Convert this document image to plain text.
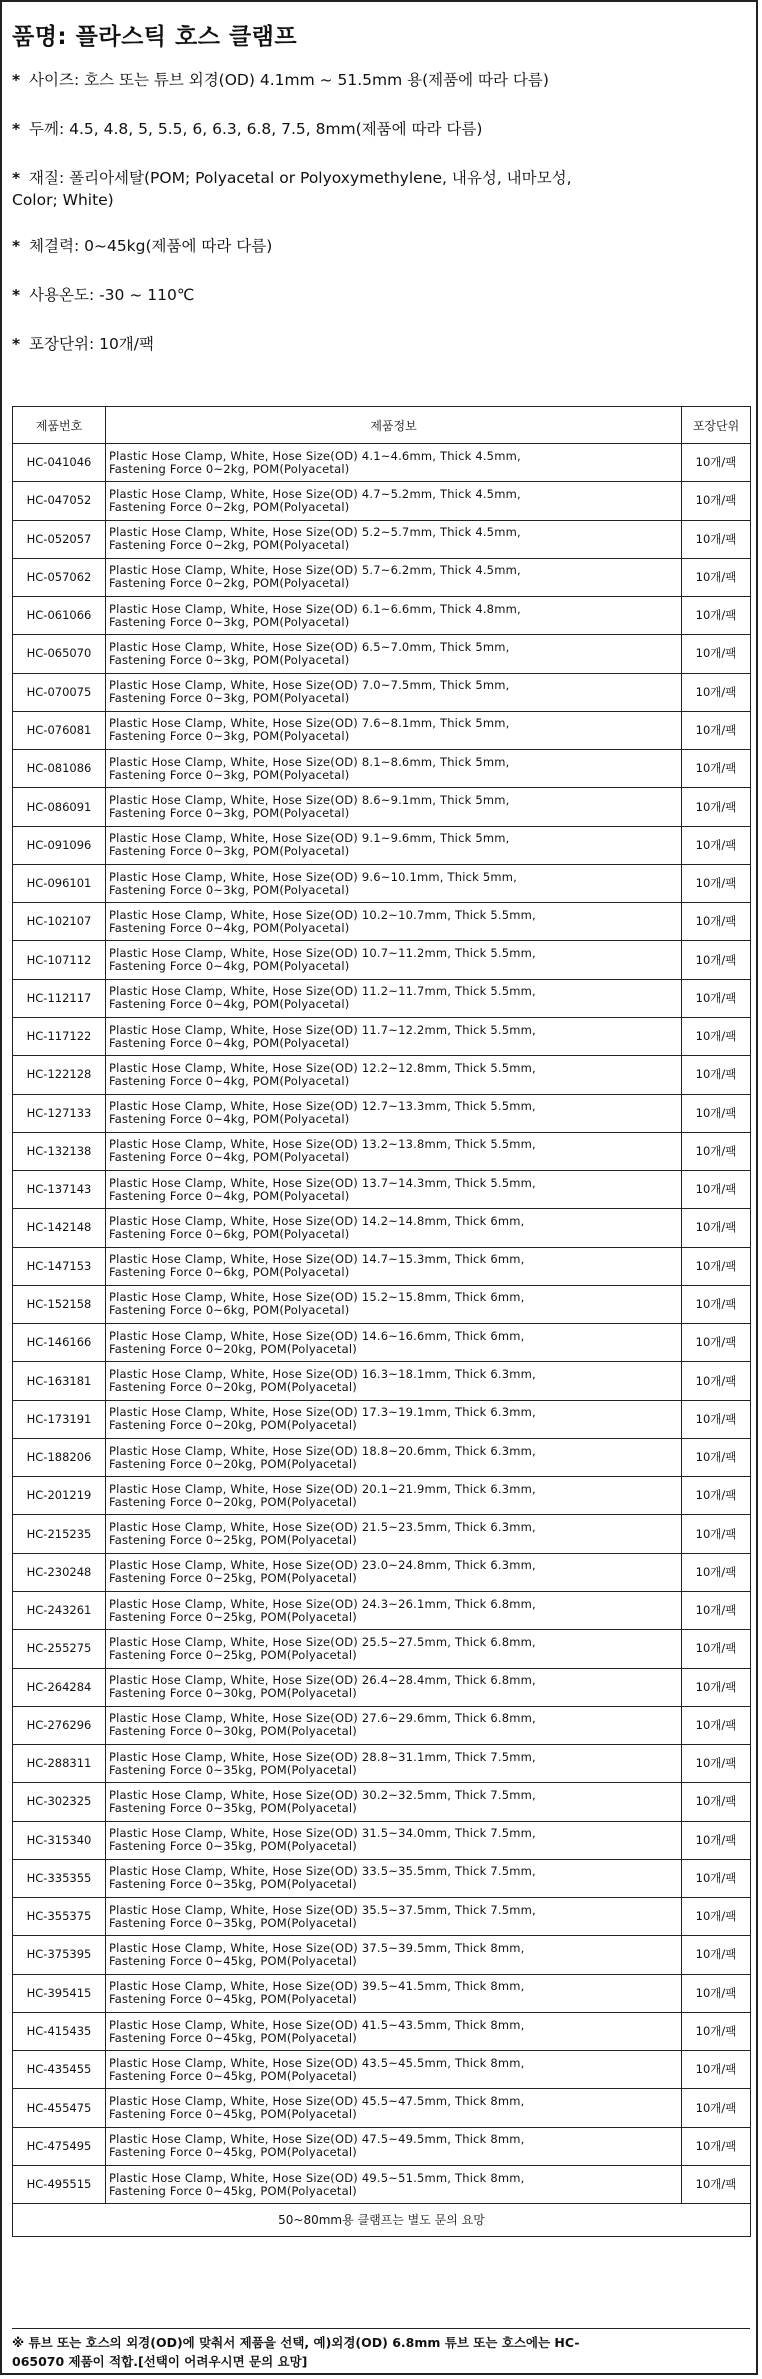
품명: 플라스틱 호스 클램프
* 사이즈: 호스 또는 튜브 외경(OD) 4.1mm ~ 51.5mm 용(제품에 따라 다름)
* 두께: 4.5, 4.8, 5, 5.5, 6, 6.3, 6.8, 7.5, 8mm(제품에 따라 다름)
* 재질: 폴리아세탈(POM; Polyacetal or Polyoxymethylene, 내유성, 내마모성,
Color; White)
* 체결력: 0~45kg(제품에 따라 다름)
* 사용온도: -30 ~ 110℃
* 포장단위: 10개/팩
제품번호	제품정보	포장단위
HC-041046	Plastic Hose Clamp, White, Hose Size(OD) 4.1~4.6mm, Thick 4.5mm,
Fastening Force 0~2kg, POM(Polyacetal)	10개/팩
HC-047052	Plastic Hose Clamp, White, Hose Size(OD) 4.7~5.2mm, Thick 4.5mm,
Fastening Force 0~2kg, POM(Polyacetal)	10개/팩
HC-052057	Plastic Hose Clamp, White, Hose Size(OD) 5.2~5.7mm, Thick 4.5mm,
Fastening Force 0~2kg, POM(Polyacetal)	10개/팩
HC-057062	Plastic Hose Clamp, White, Hose Size(OD) 5.7~6.2mm, Thick 4.5mm,
Fastening Force 0~2kg, POM(Polyacetal)	10개/팩
HC-061066	Plastic Hose Clamp, White, Hose Size(OD) 6.1~6.6mm, Thick 4.8mm,
Fastening Force 0~3kg, POM(Polyacetal)	10개/팩
HC-065070	Plastic Hose Clamp, White, Hose Size(OD) 6.5~7.0mm, Thick 5mm,
Fastening Force 0~3kg, POM(Polyacetal)	10개/팩
HC-070075	Plastic Hose Clamp, White, Hose Size(OD) 7.0~7.5mm, Thick 5mm,
Fastening Force 0~3kg, POM(Polyacetal)	10개/팩
HC-076081	Plastic Hose Clamp, White, Hose Size(OD) 7.6~8.1mm, Thick 5mm,
Fastening Force 0~3kg, POM(Polyacetal)	10개/팩
HC-081086	Plastic Hose Clamp, White, Hose Size(OD) 8.1~8.6mm, Thick 5mm,
Fastening Force 0~3kg, POM(Polyacetal)	10개/팩
HC-086091	Plastic Hose Clamp, White, Hose Size(OD) 8.6~9.1mm, Thick 5mm,
Fastening Force 0~3kg, POM(Polyacetal)	10개/팩
HC-091096	Plastic Hose Clamp, White, Hose Size(OD) 9.1~9.6mm, Thick 5mm,
Fastening Force 0~3kg, POM(Polyacetal)	10개/팩
HC-096101	Plastic Hose Clamp, White, Hose Size(OD) 9.6~10.1mm, Thick 5mm,
Fastening Force 0~3kg, POM(Polyacetal)	10개/팩
HC-102107	Plastic Hose Clamp, White, Hose Size(OD) 10.2~10.7mm, Thick 5.5mm,
Fastening Force 0~4kg, POM(Polyacetal)	10개/팩
HC-107112	Plastic Hose Clamp, White, Hose Size(OD) 10.7~11.2mm, Thick 5.5mm,
Fastening Force 0~4kg, POM(Polyacetal)	10개/팩
HC-112117	Plastic Hose Clamp, White, Hose Size(OD) 11.2~11.7mm, Thick 5.5mm,
Fastening Force 0~4kg, POM(Polyacetal)	10개/팩
HC-117122	Plastic Hose Clamp, White, Hose Size(OD) 11.7~12.2mm, Thick 5.5mm,
Fastening Force 0~4kg, POM(Polyacetal)	10개/팩
HC-122128	Plastic Hose Clamp, White, Hose Size(OD) 12.2~12.8mm, Thick 5.5mm,
Fastening Force 0~4kg, POM(Polyacetal)	10개/팩
HC-127133	Plastic Hose Clamp, White, Hose Size(OD) 12.7~13.3mm, Thick 5.5mm,
Fastening Force 0~4kg, POM(Polyacetal)	10개/팩
HC-132138	Plastic Hose Clamp, White, Hose Size(OD) 13.2~13.8mm, Thick 5.5mm,
Fastening Force 0~4kg, POM(Polyacetal)	10개/팩
HC-137143	Plastic Hose Clamp, White, Hose Size(OD) 13.7~14.3mm, Thick 5.5mm,
Fastening Force 0~4kg, POM(Polyacetal)	10개/팩
HC-142148	Plastic Hose Clamp, White, Hose Size(OD) 14.2~14.8mm, Thick 6mm,
Fastening Force 0~6kg, POM(Polyacetal)	10개/팩
HC-147153	Plastic Hose Clamp, White, Hose Size(OD) 14.7~15.3mm, Thick 6mm,
Fastening Force 0~6kg, POM(Polyacetal)	10개/팩
HC-152158	Plastic Hose Clamp, White, Hose Size(OD) 15.2~15.8mm, Thick 6mm,
Fastening Force 0~6kg, POM(Polyacetal)	10개/팩
HC-146166	Plastic Hose Clamp, White, Hose Size(OD) 14.6~16.6mm, Thick 6mm,
Fastening Force 0~20kg, POM(Polyacetal)	10개/팩
HC-163181	Plastic Hose Clamp, White, Hose Size(OD) 16.3~18.1mm, Thick 6.3mm,
Fastening Force 0~20kg, POM(Polyacetal)	10개/팩
HC-173191	Plastic Hose Clamp, White, Hose Size(OD) 17.3~19.1mm, Thick 6.3mm,
Fastening Force 0~20kg, POM(Polyacetal)	10개/팩
HC-188206	Plastic Hose Clamp, White, Hose Size(OD) 18.8~20.6mm, Thick 6.3mm,
Fastening Force 0~20kg, POM(Polyacetal)	10개/팩
HC-201219	Plastic Hose Clamp, White, Hose Size(OD) 20.1~21.9mm, Thick 6.3mm,
Fastening Force 0~20kg, POM(Polyacetal)	10개/팩
HC-215235	Plastic Hose Clamp, White, Hose Size(OD) 21.5~23.5mm, Thick 6.3mm,
Fastening Force 0~25kg, POM(Polyacetal)	10개/팩
HC-230248	Plastic Hose Clamp, White, Hose Size(OD) 23.0~24.8mm, Thick 6.3mm,
Fastening Force 0~25kg, POM(Polyacetal)	10개/팩
HC-243261	Plastic Hose Clamp, White, Hose Size(OD) 24.3~26.1mm, Thick 6.8mm,
Fastening Force 0~25kg, POM(Polyacetal)	10개/팩
HC-255275	Plastic Hose Clamp, White, Hose Size(OD) 25.5~27.5mm, Thick 6.8mm,
Fastening Force 0~25kg, POM(Polyacetal)	10개/팩
HC-264284	Plastic Hose Clamp, White, Hose Size(OD) 26.4~28.4mm, Thick 6.8mm,
Fastening Force 0~30kg, POM(Polyacetal)	10개/팩
HC-276296	Plastic Hose Clamp, White, Hose Size(OD) 27.6~29.6mm, Thick 6.8mm,
Fastening Force 0~30kg, POM(Polyacetal)	10개/팩
HC-288311	Plastic Hose Clamp, White, Hose Size(OD) 28.8~31.1mm, Thick 7.5mm,
Fastening Force 0~35kg, POM(Polyacetal)	10개/팩
HC-302325	Plastic Hose Clamp, White, Hose Size(OD) 30.2~32.5mm, Thick 7.5mm,
Fastening Force 0~35kg, POM(Polyacetal)	10개/팩
HC-315340	Plastic Hose Clamp, White, Hose Size(OD) 31.5~34.0mm, Thick 7.5mm,
Fastening Force 0~35kg, POM(Polyacetal)	10개/팩
HC-335355	Plastic Hose Clamp, White, Hose Size(OD) 33.5~35.5mm, Thick 7.5mm,
Fastening Force 0~35kg, POM(Polyacetal)	10개/팩
HC-355375	Plastic Hose Clamp, White, Hose Size(OD) 35.5~37.5mm, Thick 7.5mm,
Fastening Force 0~35kg, POM(Polyacetal)	10개/팩
HC-375395	Plastic Hose Clamp, White, Hose Size(OD) 37.5~39.5mm, Thick 8mm,
Fastening Force 0~45kg, POM(Polyacetal)	10개/팩
HC-395415	Plastic Hose Clamp, White, Hose Size(OD) 39.5~41.5mm, Thick 8mm,
Fastening Force 0~45kg, POM(Polyacetal)	10개/팩
HC-415435	Plastic Hose Clamp, White, Hose Size(OD) 41.5~43.5mm, Thick 8mm,
Fastening Force 0~45kg, POM(Polyacetal)	10개/팩
HC-435455	Plastic Hose Clamp, White, Hose Size(OD) 43.5~45.5mm, Thick 8mm,
Fastening Force 0~45kg, POM(Polyacetal)	10개/팩
HC-455475	Plastic Hose Clamp, White, Hose Size(OD) 45.5~47.5mm, Thick 8mm,
Fastening Force 0~45kg, POM(Polyacetal)	10개/팩
HC-475495	Plastic Hose Clamp, White, Hose Size(OD) 47.5~49.5mm, Thick 8mm,
Fastening Force 0~45kg, POM(Polyacetal)	10개/팩
HC-495515	Plastic Hose Clamp, White, Hose Size(OD) 49.5~51.5mm, Thick 8mm,
Fastening Force 0~45kg, POM(Polyacetal)	10개/팩
50~80mm용 클램프는 별도 문의 요망		
※ 튜브 또는 호스의 외경(OD)에 맞춰서 제품을 선택, 예)외경(OD) 6.8mm 튜브 또는 호스에는 HC-
065070 제품이 적합.[선택이 어려우시면 문의 요망]
